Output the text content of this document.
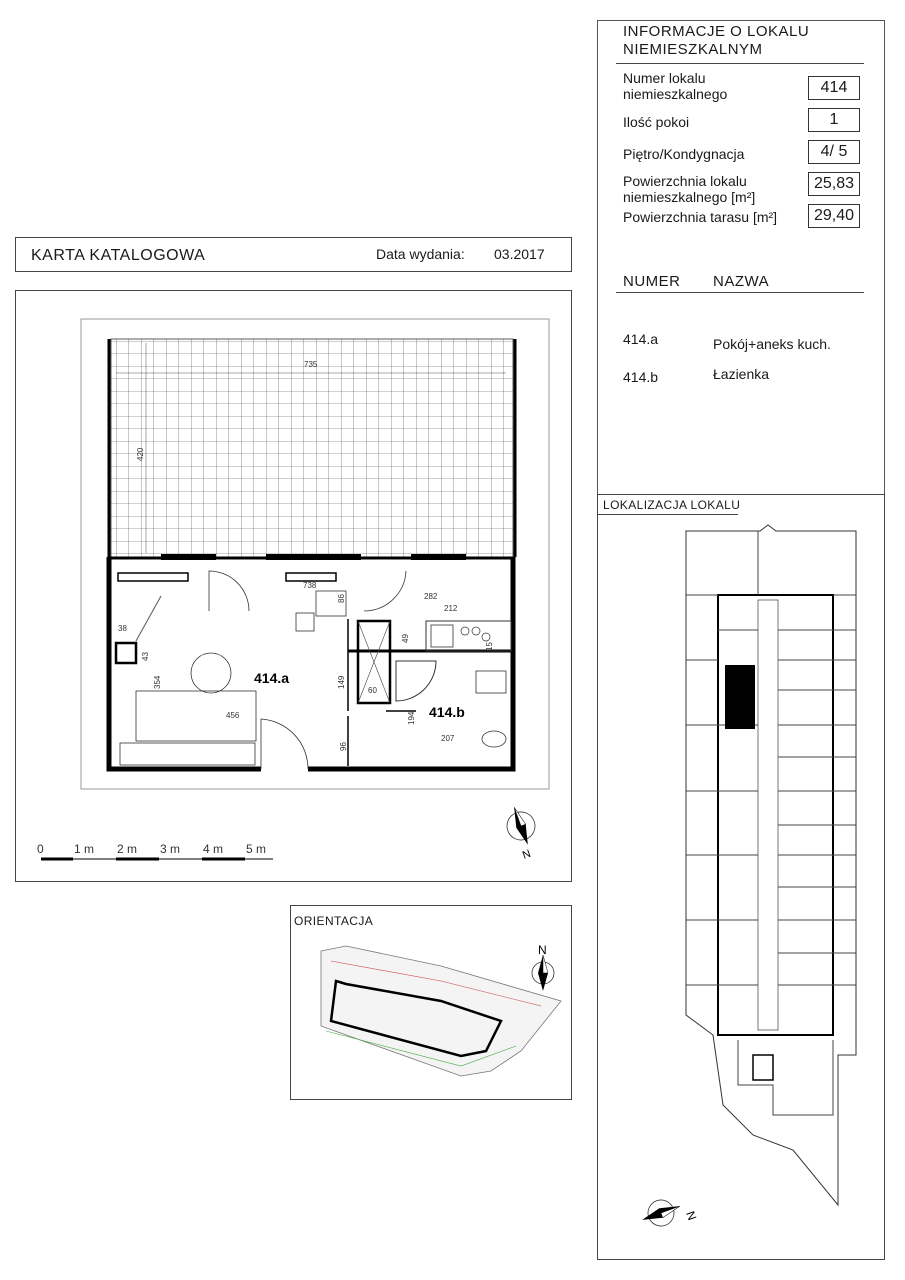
INFORMACJE O LOKALU
NIEMIESZKALNYM
Numer lokalu
niemieszkalnego	414
Ilość pokoi	1
Piętro/Kondygnacja	4/ 5
Powierzchnia lokalu
niemieszkalnego [m²]
25,83
Powierzchnia tarasu [m²]	29,40
NUMER NAZWA
414.a	Pokój+aneks kuch.
414.b	Łazienka
KARTA KATALOGOWA	Data wydania: 03.2017
735
420
738
86	282
212
38
43
354	149
60
194
456
96
207
49
15
414.a
414.b
0	1 m 2 m 3 m 4 m 5 m	N
ORIENTACJA
N
LOKALIZACJA LOKALU
N
